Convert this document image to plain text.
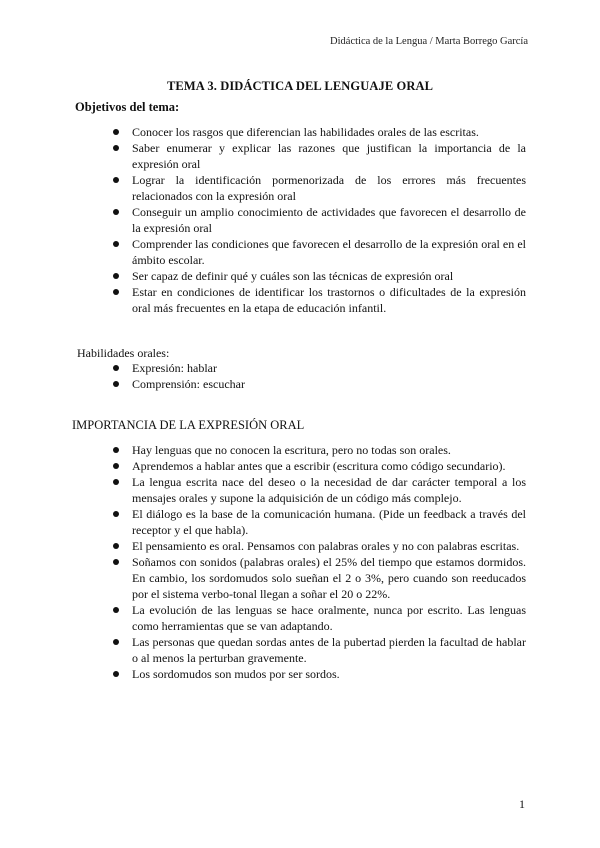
Didáctica de la Lengua / Marta Borrego García
TEMA 3. DIDÁCTICA DEL LENGUAJE ORAL
Objetivos del tema:
Conocer los rasgos que diferencian las habilidades orales de las escritas.
Saber enumerar y explicar las razones que justifican la importancia de la expresión oral
Lograr la identificación pormenorizada de los errores más frecuentes relacionados con la expresión oral
Conseguir un amplio conocimiento de actividades que favorecen el desarrollo de la expresión oral
Comprender las condiciones que favorecen el desarrollo de la expresión oral en el ámbito escolar.
Ser capaz de definir qué y cuáles son las técnicas de expresión oral
Estar en condiciones de identificar los trastornos o dificultades de la expresión oral más frecuentes en la etapa de educación infantil.
Habilidades orales:
Expresión: hablar
Comprensión: escuchar
IMPORTANCIA DE LA EXPRESIÓN ORAL
Hay lenguas que no conocen la escritura, pero no todas son orales.
Aprendemos a hablar antes que a escribir (escritura como código secundario).
La lengua escrita nace del deseo o la necesidad de dar carácter temporal a los mensajes orales y supone la adquisición de un código más complejo.
El diálogo es la base de la comunicación humana. (Pide un feedback a través del receptor y el que habla).
El pensamiento es oral. Pensamos con palabras orales y no con palabras escritas.
Soñamos con sonidos (palabras orales) el 25% del tiempo que estamos dormidos. En cambio, los sordomudos solo sueñan el 2 o 3%, pero cuando son reeducados por el sistema verbo-tonal llegan a soñar el 20 o 22%.
La evolución de las lenguas se hace oralmente, nunca por escrito. Las lenguas como herramientas que se van adaptando.
Las personas que quedan sordas antes de la pubertad pierden la facultad de hablar o al menos la perturban gravemente.
Los sordomudos son mudos por ser sordos.
1
